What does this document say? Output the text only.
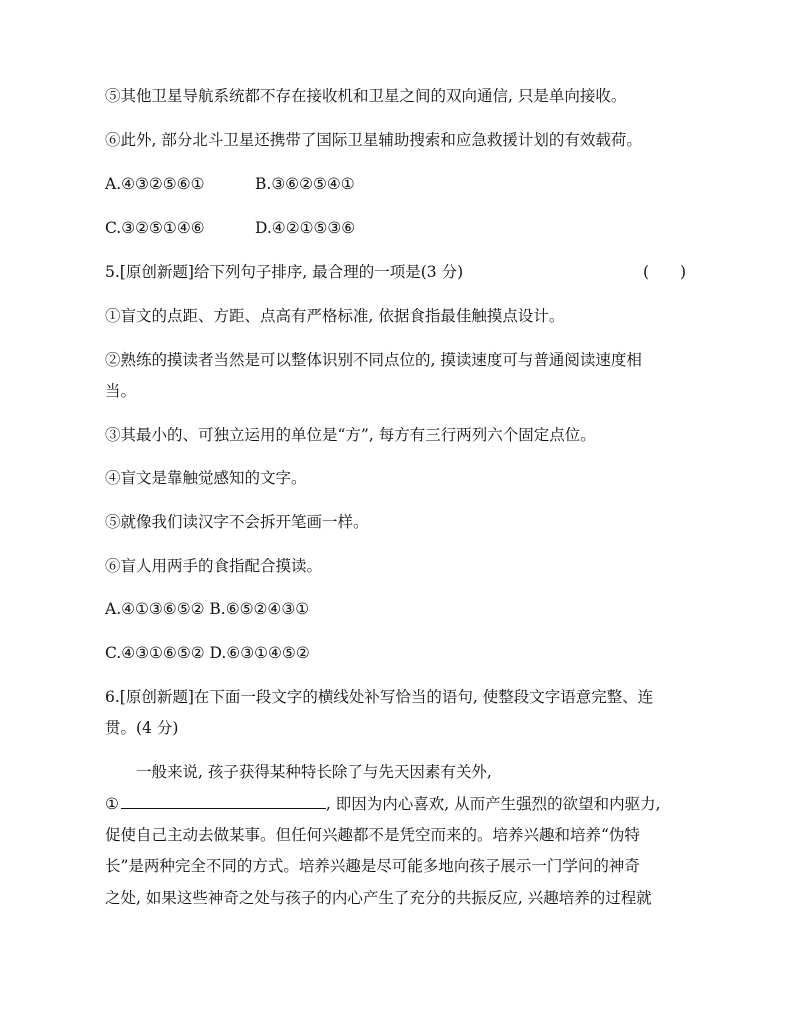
⑤其他卫星导航系统都不存在接收机和卫星之间的双向通信, 只是单向接收。
⑥此外, 部分北斗卫星还携带了国际卫星辅助搜索和应急救援计划的有效载荷。
A.④③②⑤⑥①	B.③⑥②⑤④①
C.③②⑤①④⑥	D.④②①⑤③⑥
5.[原创新题]给下列句子排序, 最合理的一项是(3 分)	(　　)
①盲文的点距、方距、点高有严格标准, 依据食指最佳触摸点设计。
②熟练的摸读者当然是可以整体识别不同点位的, 摸读速度可与普通阅读速度相
当。
③其最小的、可独立运用的单位是“方”, 每方有三行两列六个固定点位。
④盲文是靠触觉感知的文字。
⑤就像我们读汉字不会拆开笔画一样。
⑥盲人用两手的食指配合摸读。
A.④①③⑥⑤② B.⑥⑤②④③①
C.④③①⑥⑤② D.⑥③①④⑤②
6.[原创新题]在下面一段文字的横线处补写恰当的语句, 使整段文字语意完整、连
贯。(4 分)
一般来说, 孩子获得某种特长除了与先天因素有关外,
①	, 即因为内心喜欢, 从而产生强烈的欲望和内驱力,
促使自己主动去做某事。但任何兴趣都不是凭空而来的。培养兴趣和培养“伪特
长”是两种完全不同的方式。培养兴趣是尽可能多地向孩子展示一门学问的神奇
之处, 如果这些神奇之处与孩子的内心产生了充分的共振反应, 兴趣培养的过程就
